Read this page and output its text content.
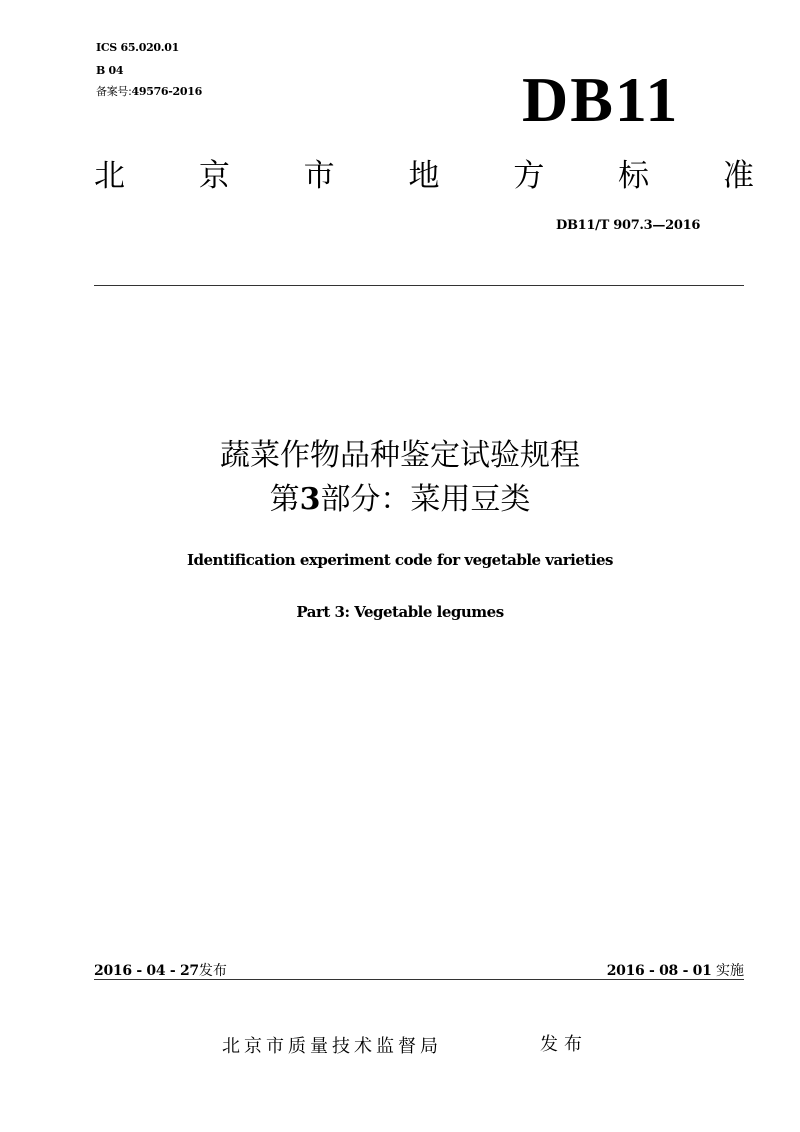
ICS 65.020.01
B 04
备案号:49576-2016	DB11
北 京 市 地 方 标 准
DB11/T 907.3—2016
蔬菜作物品种鉴定试验规程
第3部分：菜用豆类
Identification experiment code for vegetable varieties
Part 3: Vegetable legumes
2016 - 04 - 27发布	2016 - 08 - 01 实施
北京市质量技术监督局	发布
